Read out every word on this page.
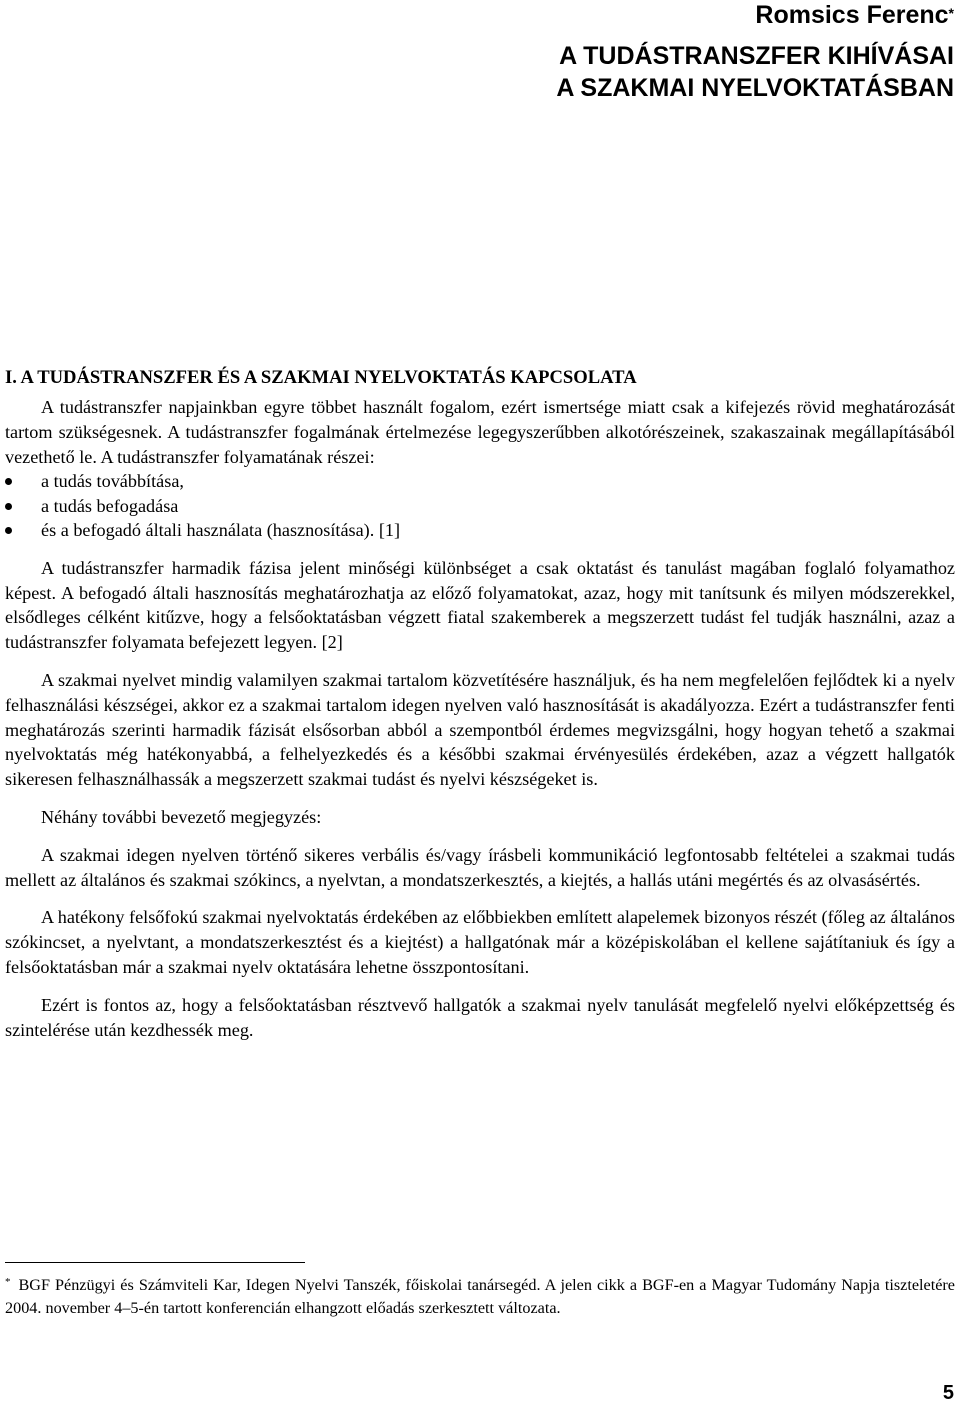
Romsics Ferenc*
A TUDÁSTRANSZFER KIHÍVÁSAI
A SZAKMAI NYELVOKTATÁSBAN
I. A TUDÁSTRANSZFER ÉS A SZAKMAI NYELVOKTATÁS KAPCSOLATA

A tudástranszfer napjainkban egyre többet használt fogalom, ezért ismertsége miatt csak a kifejezés rövid meghatározását tartom szükségesnek. A tudástranszfer fogalmának értelmezése legegyszerűbben alkotórészeinek, szakaszainak megállapításából vezethető le. A tudástranszfer folyamatának részei:

a tudás továbbítása,
a tudás befogadása
és a befogadó általi használata (hasznosítása). [1]

A tudástranszfer harmadik fázisa jelent minőségi különbséget a csak oktatást és tanulást magában foglaló folyamathoz képest. A befogadó általi hasznosítás meghatározhatja az előző folyamatokat, azaz, hogy mit tanítsunk és milyen módszerekkel, elsődleges célként kitűzve, hogy a felsőoktatásban végzett fiatal szakemberek a megszerzett tudást fel tudják használni, azaz a tudástranszfer folyamata befejezett legyen. [2]

A szakmai nyelvet mindig valamilyen szakmai tartalom közvetítésére használjuk, és ha nem megfelelően fejlődtek ki a nyelv felhasználási készségei, akkor ez a szakmai tartalom idegen nyelven való hasznosítását is akadályozza. Ezért a tudástranszfer fenti meghatározás szerinti harmadik fázisát elsősorban abból a szempontból érdemes megvizsgálni, hogy hogyan tehető a szakmai nyelvoktatás még hatékonyabbá, a felhelyezkedés és a későbbi szakmai érvényesülés érdekében, azaz a végzett hallgatók sikeresen felhasználhassák a megszerzett szakmai tudást és nyelvi készségeket is.

Néhány további bevezető megjegyzés:

A szakmai idegen nyelven történő sikeres verbális és/vagy írásbeli kommunikáció legfontosabb feltételei a szakmai tudás mellett az általános és szakmai szókincs, a nyelvtan, a mondatszerkesztés, a kiejtés, a hallás utáni megértés és az olvasásértés.

A hatékony felsőfokú szakmai nyelvoktatás érdekében az előbbiekben említett alapelemek bizonyos részét (főleg az általános szókincset, a nyelvtant, a mondatszerkesztést és a kiejtést) a hallgatónak már a középiskolában el kellene sajátítaniuk és így a felsőoktatásban már a szakmai nyelv oktatására lehetne összpontosítani.

Ezért is fontos az, hogy a felsőoktatásban résztvevő hallgatók a szakmai nyelv tanulását megfelelő nyelvi előképzettség és szintelérése után kezdhessék meg.

* BGF Pénzügyi és Számviteli Kar, Idegen Nyelvi Tanszék, főiskolai tanársegéd. A jelen cikk a BGF-en a Magyar Tudomány Napja tiszteletére 2004. november 4–5-én tartott konferencián elhangzott előadás szerkesztett változata.
5
